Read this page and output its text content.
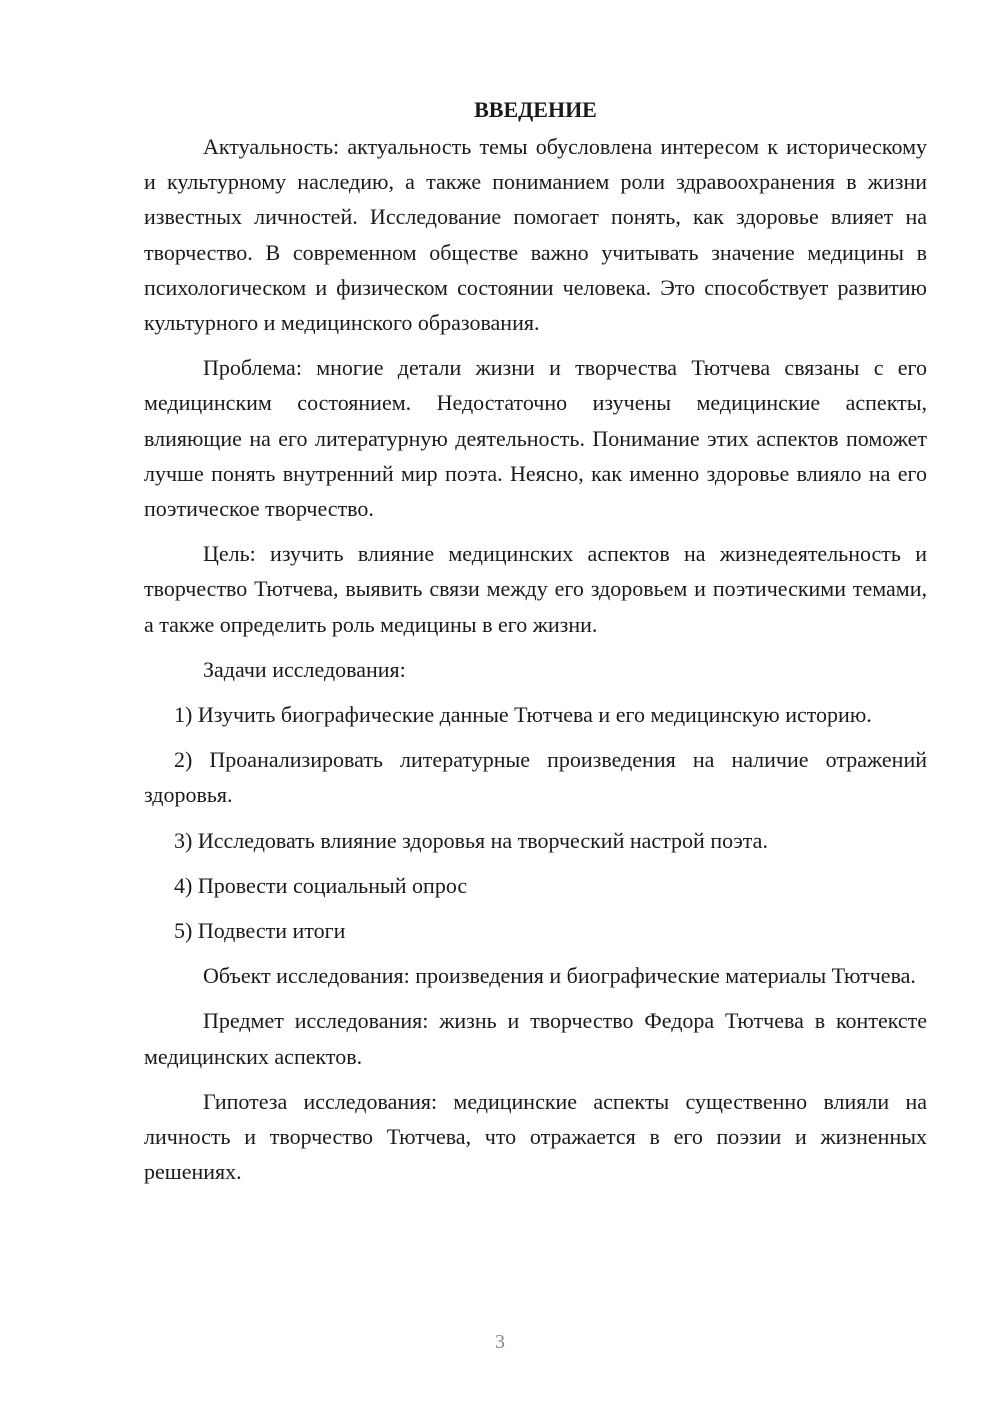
ВВЕДЕНИЕ

Актуальность: актуальность темы обусловлена интересом к историческому и культурному наследию, а также пониманием роли здравоохранения в жизни известных личностей. Исследование помогает понять, как здоровье влияет на творчество. В современном обществе важно учитывать значение медицины в психологическом и физическом состоянии человека. Это способствует развитию культурного и медицинского образования.

Проблема: многие детали жизни и творчества Тютчева связаны с его медицинским состоянием. Недостаточно изучены медицинские аспекты, влияющие на его литературную деятельность. Понимание этих аспектов поможет лучше понять внутренний мир поэта. Неясно, как именно здоровье влияло на его поэтическое творчество.

Цель: изучить влияние медицинских аспектов на жизнедеятельность и творчество Тютчева, выявить связи между его здоровьем и поэтическими темами, а также определить роль медицины в его жизни.

Задачи исследования:

1) Изучить биографические данные Тютчева и его медицинскую историю.

2) Проанализировать литературные произведения на наличие отражений здоровья.

3) Исследовать влияние здоровья на творческий настрой поэта.

4) Провести социальный опрос

5) Подвести итоги

Объект исследования: произведения и биографические материалы Тютчева.

Предмет исследования: жизнь и творчество Федора Тютчева в контексте медицинских аспектов.

Гипотеза исследования: медицинские аспекты существенно влияли на личность и творчество Тютчева, что отражается в его поэзии и жизненных решениях.

3
